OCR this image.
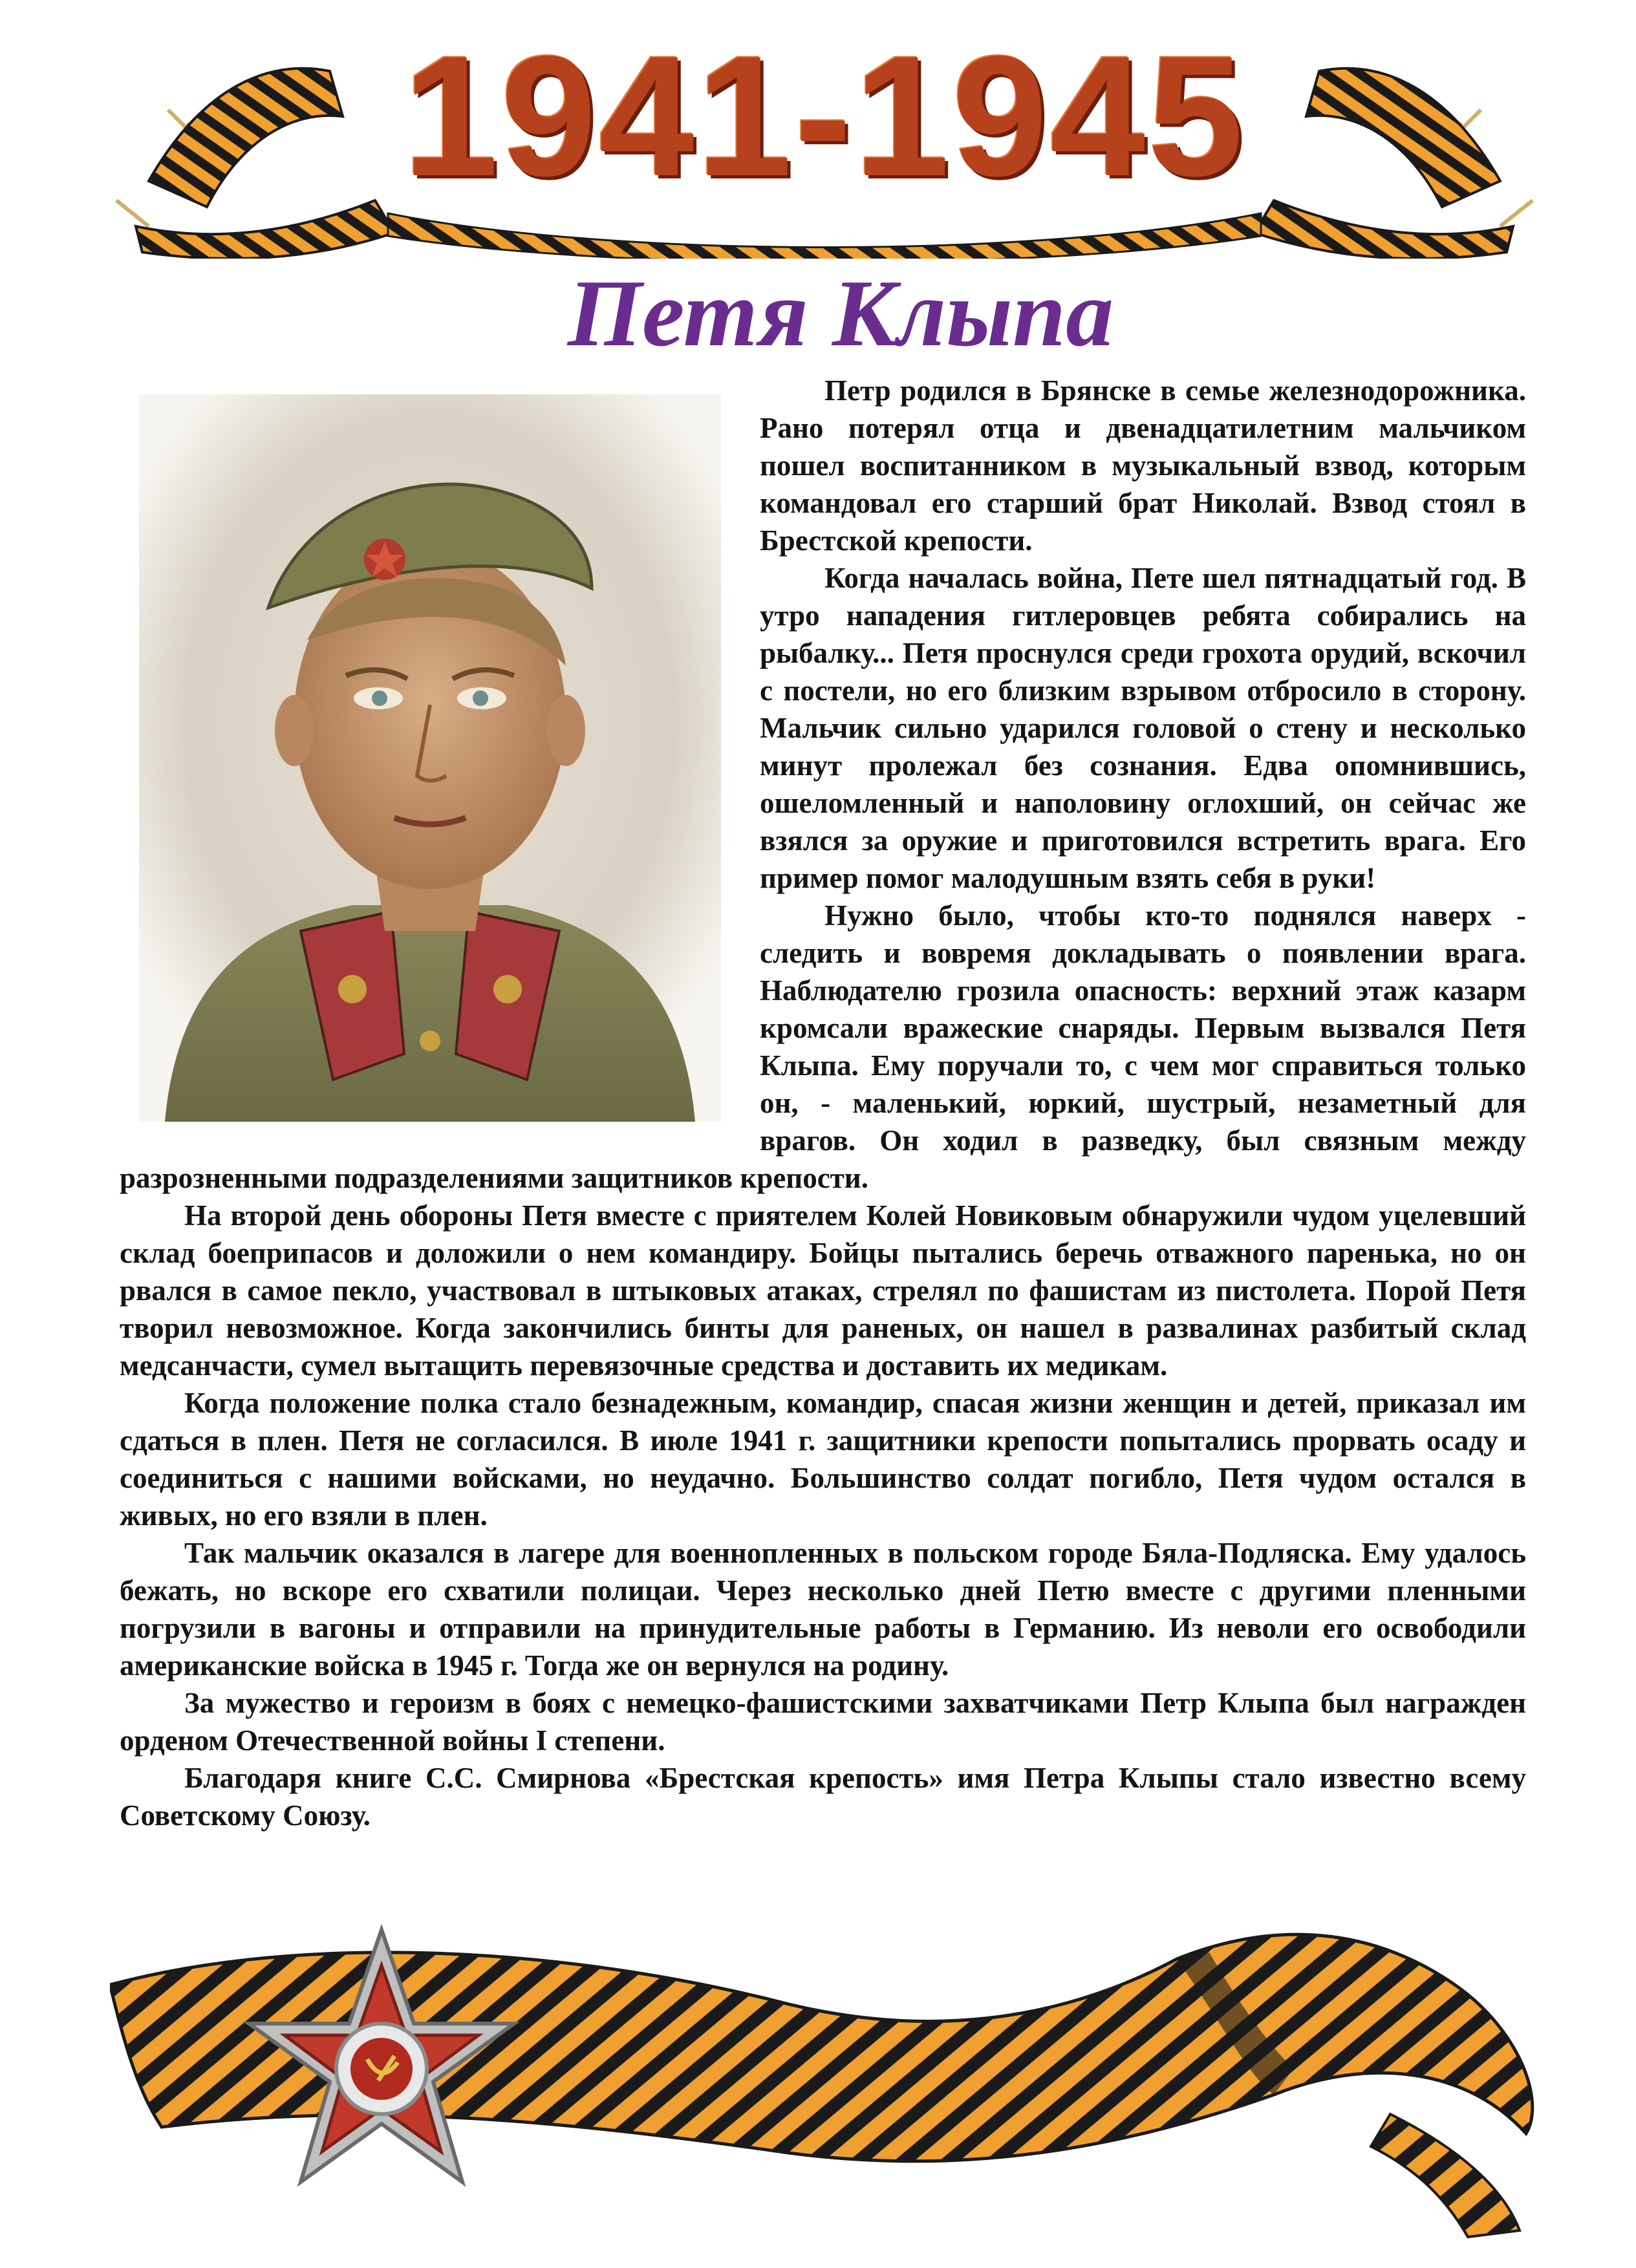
1941-1945
Петя Клыпа

Петр родился в Брянске в семье железнодорожника. Рано потерял отца и двенадцатилетним мальчиком пошел воспитанником в музыкальный взвод, которым командовал его старший брат Николай. Взвод стоял в Брестской крепости.

Когда началась война, Пете шел пятнадцатый год. В утро нападения гитлеровцев ребята собирались на рыбалку... Петя проснулся среди грохота орудий, вскочил с постели, но его близким взрывом отбросило в сторону. Мальчик сильно ударился головой о стену и несколько минут пролежал без сознания. Едва опомнившись, ошеломленный и наполовину оглохший, он сейчас же взялся за оружие и приготовился встретить врага. Его пример помог малодушным взять себя в руки!

Нужно было, чтобы кто-то поднялся наверх - следить и вовремя докладывать о появлении врага. Наблюдателю грозила опасность: верхний этаж казарм кромсали вражеские снаряды. Первым вызвался Петя Клыпа. Ему поручали то, с чем мог справиться только он, - маленький, юркий, шустрый, незаметный для врагов. Он ходил в разведку, был связным между разрозненными подразделениями защитников крепости.

На второй день обороны Петя вместе с приятелем Колей Новиковым обнаружили чудом уцелевший склад боеприпасов и доложили о нем командиру. Бойцы пытались беречь отважного паренька, но он рвался в самое пекло, участвовал в штыковых атаках, стрелял по фашистам из пистолета. Порой Петя творил невозможное. Когда закончились бинты для раненых, он нашел в развалинах разбитый склад медсанчасти, сумел вытащить перевязочные средства и доставить их медикам.

Когда положение полка стало безнадежным, командир, спасая жизни женщин и детей, приказал им сдаться в плен. Петя не согласился. В июле 1941 г. защитники крепости попытались прорвать осаду и соединиться с нашими войсками, но неудачно. Большинство солдат погибло, Петя чудом остался в живых, но его взяли в плен.

Так мальчик оказался в лагере для военнопленных в польском городе Бяла-Подляска. Ему удалось бежать, но вскоре его схватили полицаи. Через несколько дней Петю вместе с другими пленными погрузили в вагоны и отправили на принудительные работы в Германию. Из неволи его освободили американские войска в 1945 г. Тогда же он вернулся на родину.

За мужество и героизм в боях с немецко-фашистскими захватчиками Петр Клыпа был награжден орденом Отечественной войны I степени.

Благодаря книге С.С. Смирнова «Брестская крепость» имя Петра Клыпы стало известно всему Советскому Союзу.
